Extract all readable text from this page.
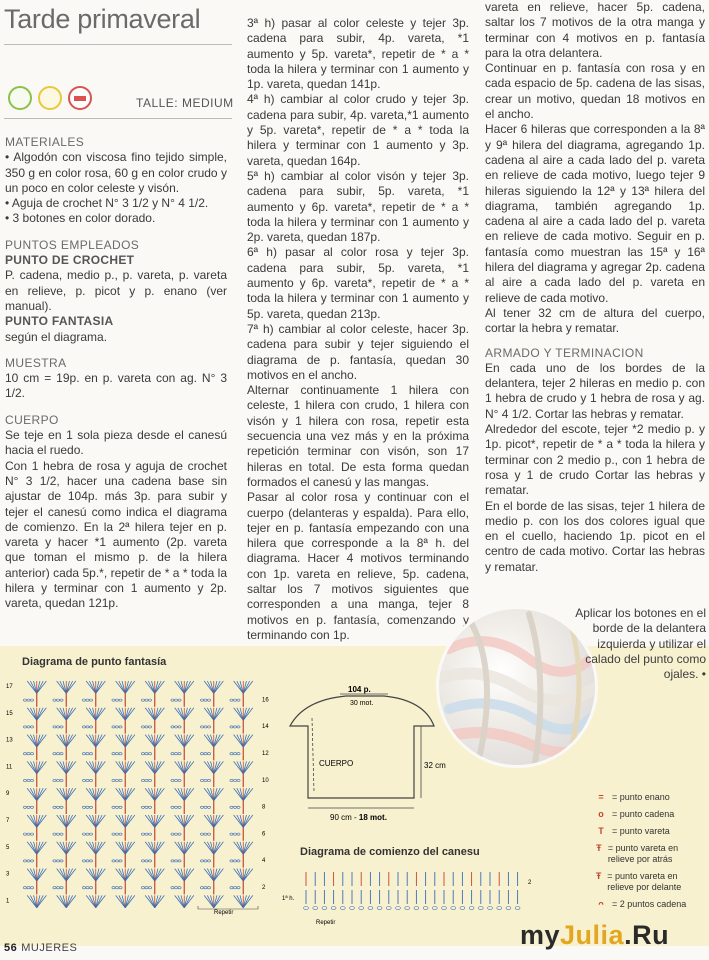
Tarde primaveral
TALLE: MEDIUM
MATERIALES
• Algodón con viscosa fino tejido simple, 350 g en color rosa, 60 g en color crudo y un poco en color celeste y visón.
• Aguja de crochet N° 3 1/2 y N° 4 1/2.
• 3 botones en color dorado.
PUNTOS EMPLEADOS
PUNTO DE CROCHET
P. cadena, medio p., p. vareta, p. vareta en relieve, p. picot y p. enano (ver manual).
PUNTO FANTASIA
según el diagrama.
MUESTRA
10 cm = 19p. en p. vareta con ag. N° 3 1/2.
CUERPO
Se teje en 1 sola pieza desde el canesú hacia el ruedo.
Con 1 hebra de rosa y aguja de crochet N° 3 1/2, hacer una cadena base sin ajustar de 104p. más 3p. para subir y tejer el canesú como indica el diagrama de comienzo. En la 2ª hilera tejer en p. vareta y hacer *1 aumento (2p. vareta que toman el mismo p. de la hilera anterior) cada 5p.*, repetir de * a * toda la hilera y terminar con 1 aumento y 2p. vareta, quedan 121p.
3ª h) pasar al color celeste y tejer 3p. cadena para subir, 4p. vareta, *1 aumento y 5p. vareta*, repetir de * a * toda la hilera y terminar con 1 aumento y 1p. vareta, quedan 141p.
4ª h) cambiar al color crudo y tejer 3p. cadena para subir, 4p. vareta,*1 aumento y 5p. vareta*, repetir de * a * toda la hilera y terminar con 1 aumento y 3p. vareta, quedan 164p.
5ª h) cambiar al color visón y tejer 3p. cadena para subir, 5p. vareta, *1 aumento y 6p. vareta*, repetir de * a * toda la hilera y terminar con 1 aumento y 2p. vareta, quedan 187p.
6ª h) pasar al color rosa y tejer 3p. cadena para subir, 5p. vareta, *1 aumento y 6p. vareta*, repetir de * a * toda la hilera y terminar con 1 aumento y 5p. vareta, quedan 213p.
7ª h) cambiar al color celeste, hacer 3p. cadena para subir y tejer siguiendo el diagrama de p. fantasía, quedan 30 motivos en el ancho.
Alternar continuamente 1 hilera con celeste, 1 hilera con crudo, 1 hilera con visón y 1 hilera con rosa, repetir esta secuencia una vez más y en la próxima repetición terminar con visón, son 17 hileras en total. De esta forma quedan formados el canesú y las mangas.
Pasar al color rosa y continuar con el cuerpo (delanteras y espalda). Para ello, tejer en p. fantasía empezando con una hilera que corresponde a la 8ª h. del diagrama. Hacer 4 motivos terminando con 1p. vareta en relieve, 5p. cadena, saltar los 7 motivos siguientes que corresponden a una manga, tejer 8 motivos en p. fantasía, comenzando y terminando con 1p.
vareta en relieve, hacer 5p. cadena, saltar los 7 motivos de la otra manga y terminar con 4 motivos en p. fantasía para la otra delantera.
Continuar en p. fantasía con rosa y en cada espacio de 5p. cadena de las sisas, crear un motivo, quedan 18 motivos en el ancho.
Hacer 6 hileras que corresponden a la 8ª y 9ª hilera del diagrama, agregando 1p. cadena al aire a cada lado del p. vareta en relieve de cada motivo, luego tejer 9 hileras siguiendo la 12ª y 13ª hilera del diagrama, también agregando 1p. cadena al aire a cada lado del p. vareta en relieve de cada motivo. Seguir en p. fantasía como muestran las 15ª y 16ª hilera del diagrama y agregar 2p. cadena al aire a cada lado del p. vareta en relieve de cada motivo.
Al tener 32 cm de altura del cuerpo, cortar la hebra y rematar.
ARMADO Y TERMINACION
En cada uno de los bordes de la delantera, tejer 2 hileras en medio p. con 1 hebra de crudo y 1 hebra de rosa y ag. N° 4 1/2. Cortar las hebras y rematar.
Alrededor del escote, tejer *2 medio p. y 1p. picot*, repetir de * a * toda la hilera y terminar con 2 medio p., con 1 hebra de rosa y 1 de crudo Cortar las hebras y rematar.
En el borde de las sisas, tejer 1 hilera de medio p. con los dos colores igual que en el cuello, haciendo 1p. picot en el centro de cada motivo. Cortar las hebras y rematar.
Aplicar los botones en el borde de la delantera izquierda y utilizar el calado del punto como ojales. •
Diagrama de punto fantasía
Diagrama de comienzo del canesu
17
15
13
11
9
7
5
3
1
16
14
12
10
8
6
4
2
Repetir
104 p.
30 mot.
CUERPO	32 cm
90 cm - 18 mot.
1ª h.
2
Repetir
= = punto enano
o = punto cadena
T = punto vareta
Ŧ = punto vareta en relieve por atrás
Ŧ = punto vareta en relieve por delante
ᴖ = 2 puntos cadena
56 MUJERES	myJulia.Ru
